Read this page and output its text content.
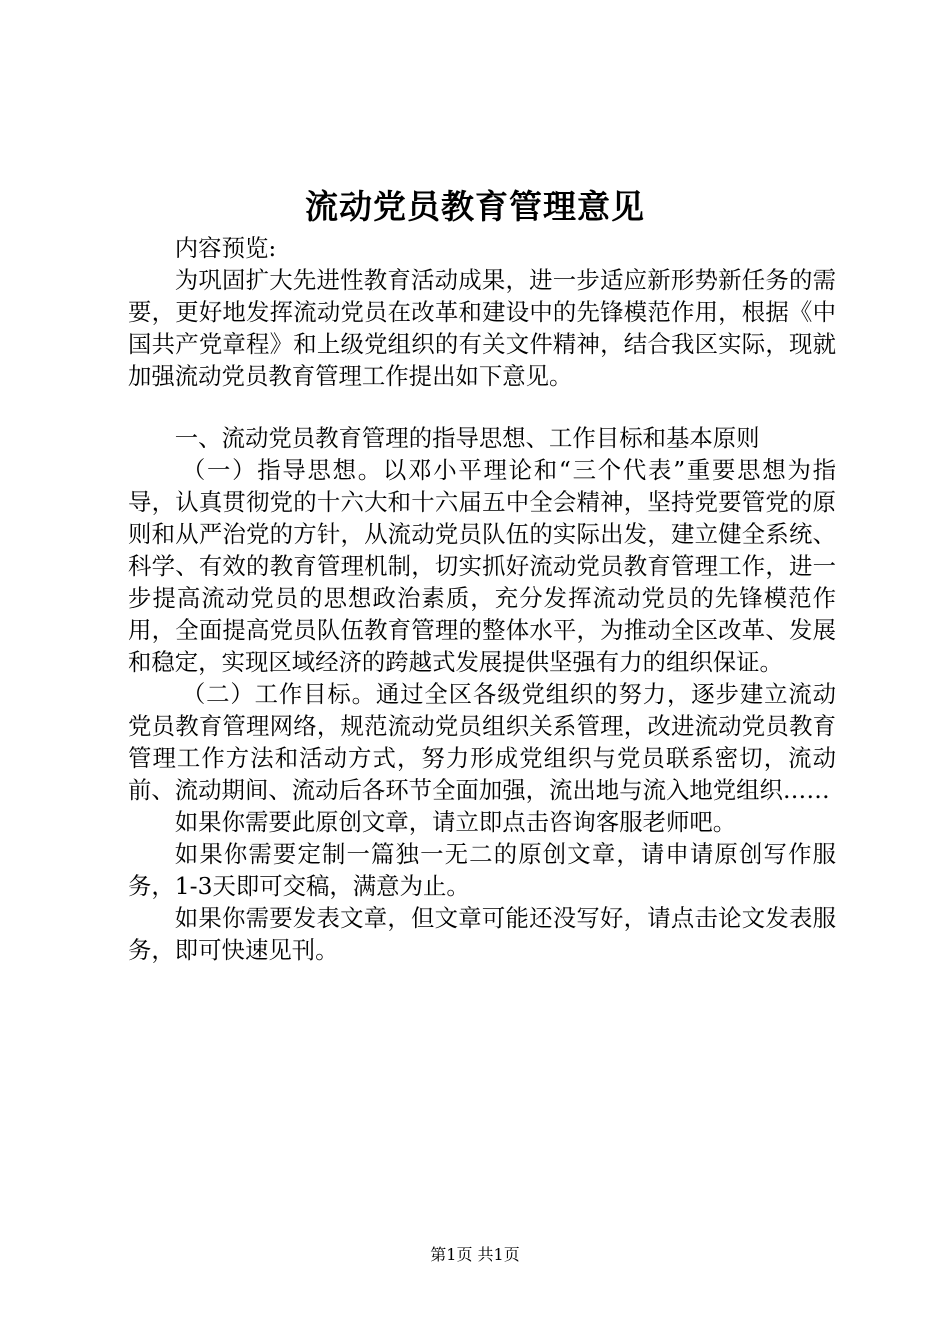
流动党员教育管理意见

内容预览:

为巩固扩大先进性教育活动成果，进一步适应新形势新任务的需要，更好地发挥流动党员在改革和建设中的先锋模范作用，根据《中国共产党章程》和上级党组织的有关文件精神，结合我区实际，现就加强流动党员教育管理工作提出如下意见。

一、流动党员教育管理的指导思想、工作目标和基本原则

（一）指导思想。以邓小平理论和“三个代表”重要思想为指导，认真贯彻党的十六大和十六届五中全会精神，坚持党要管党的原则和从严治党的方针，从流动党员队伍的实际出发，建立健全系统、科学、有效的教育管理机制，切实抓好流动党员教育管理工作，进一步提高流动党员的思想政治素质，充分发挥流动党员的先锋模范作用，全面提高党员队伍教育管理的整体水平，为推动全区改革、发展和稳定，实现区域经济的跨越式发展提供坚强有力的组织保证。

（二）工作目标。通过全区各级党组织的努力，逐步建立流动党员教育管理网络，规范流动党员组织关系管理，改进流动党员教育管理工作方法和活动方式，努力形成党组织与党员联系密切，流动前、流动期间、流动后各环节全面加强，流出地与流入地党组织……

如果你需要此原创文章，请立即点击咨询客服老师吧。

如果你需要定制一篇独一无二的原创文章，请申请原创写作服务，1-3天即可交稿，满意为止。

如果你需要发表文章，但文章可能还没写好，请点击论文发表服务，即可快速见刊。

第1页 共1页
